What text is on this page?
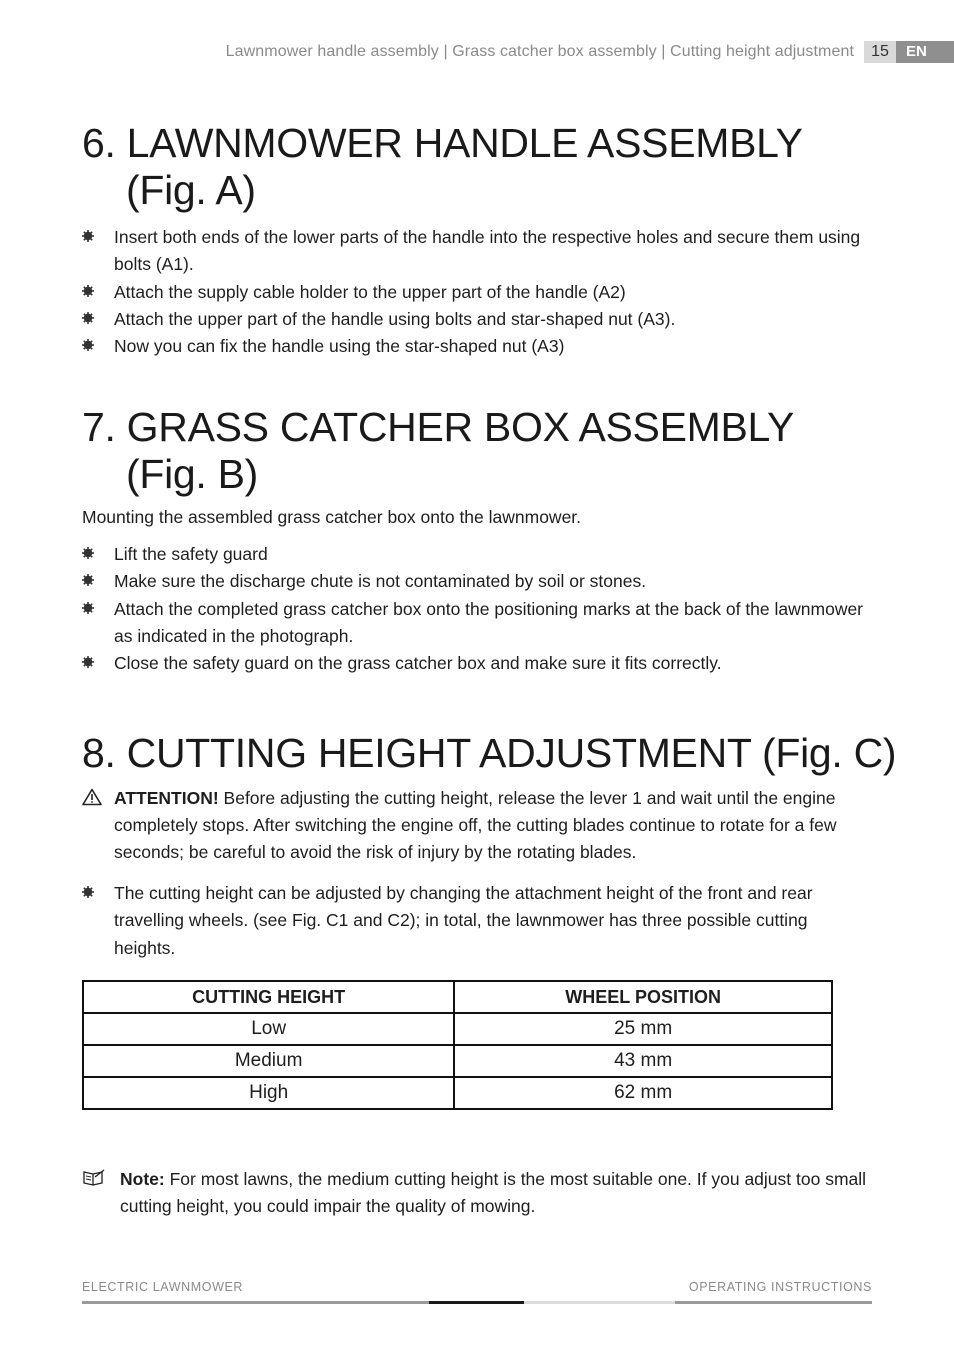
Lawnmower handle assembly | Grass catcher box assembly | Cutting height adjustment	15	EN
6. LAWNMOWER HANDLE ASSEMBLY
(Fig. A)
Insert both ends of the lower parts of the handle into the respective holes and secure them using bolts (A1).
Attach the supply cable holder to the upper part of the handle (A2)
Attach the upper part of the handle using bolts and star-shaped nut (A3).
Now you can fix the handle using the star-shaped nut (A3)
7. GRASS CATCHER BOX ASSEMBLY
(Fig. B)
Mounting the assembled grass catcher box onto the lawnmower.
Lift the safety guard
Make sure the discharge chute is not contaminated by soil or stones.
Attach the completed grass catcher box onto the positioning marks at the back of the lawnmower as indicated in the photograph.
Close the safety guard on the grass catcher box and make sure it fits correctly.
8. CUTTING HEIGHT ADJUSTMENT (Fig. C)
ATTENTION! Before adjusting the cutting height, release the lever 1 and wait until the engine completely stops. After switching the engine off, the cutting blades continue to rotate for a few seconds; be careful to avoid the risk of injury by the rotating blades.
The cutting height can be adjusted by changing the attachment height of the front and rear travelling wheels. (see Fig. C1 and C2); in total, the lawnmower has three possible cutting heights.
CUTTING HEIGHT	WHEEL POSITION
Low	25 mm
Medium	43 mm
High	62 mm
Note: For most lawns, the medium cutting height is the most suitable one. If you adjust too small cutting height, you could impair the quality of mowing.
ELECTRIC LAWNMOWER	OPERATING INSTRUCTIONS
